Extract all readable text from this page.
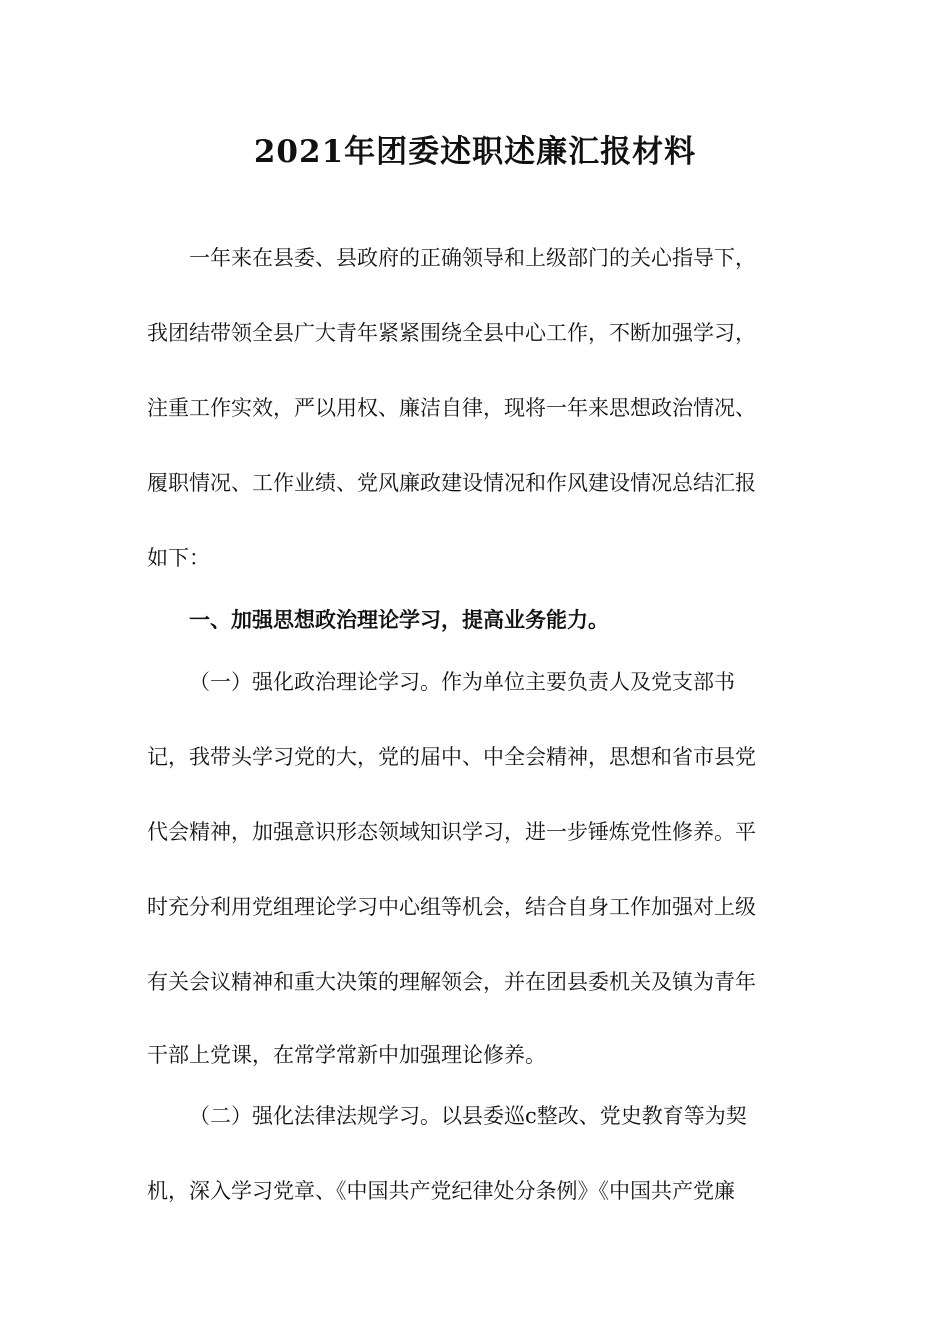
2021年团委述职述廉汇报材料
一年来在县委、县政府的正确领导和上级部门的关心指导下，
我团结带领全县广大青年紧紧围绕全县中心工作，不断加强学习，
注重工作实效，严以用权、廉洁自律，现将一年来思想政治情况、
履职情况、工作业绩、党风廉政建设情况和作风建设情况总结汇报
如下：
一、加强思想政治理论学习，提高业务能力。
（一）强化政治理论学习。作为单位主要负责人及党支部书
记，我带头学习党的大，党的届中、中全会精神，思想和省市县党
代会精神，加强意识形态领域知识学习，进一步锤炼党性修养。平
时充分利用党组理论学习中心组等机会，结合自身工作加强对上级
有关会议精神和重大决策的理解领会，并在团县委机关及镇为青年
干部上党课，在常学常新中加强理论修养。
（二）强化法律法规学习。以县委巡c整改、党史教育等为契
机，深入学习党章、《中国共产党纪律处分条例》《中国共产党廉
